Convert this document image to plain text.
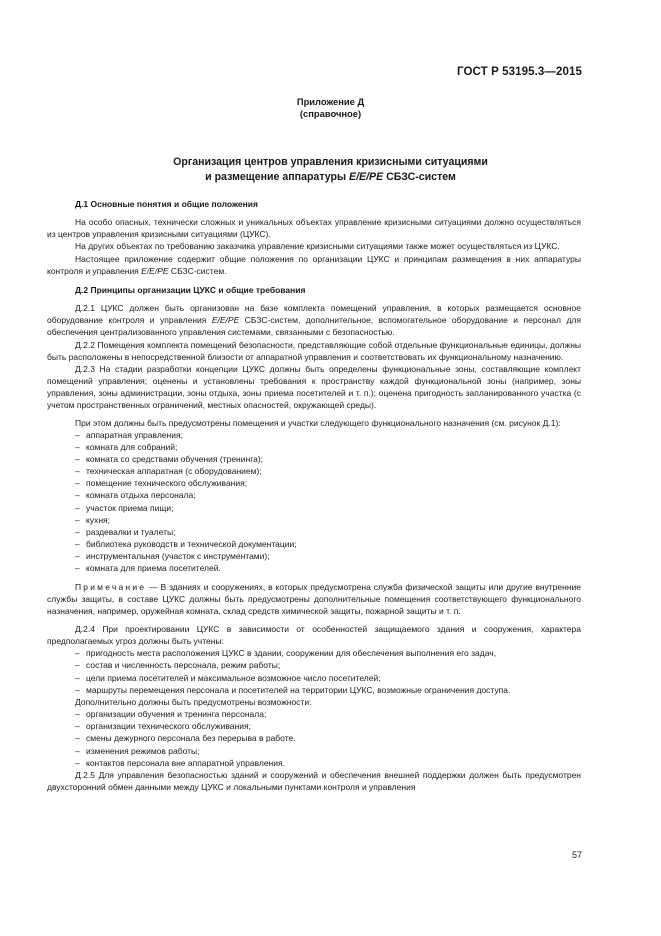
ГОСТ Р 53195.3—2015
Приложение Д
(справочное)
Организация центров управления кризисными ситуациями
и размещение аппаратуры E/E/PE СБЗС-систем

Д.1 Основные понятия и общие положения

На особо опасных, технически сложных и уникальных объектах управление кризисными ситуациями должно осуществляться из центров управления кризисными ситуациями (ЦУКС).

На других объектах по требованию заказчика управление кризисными ситуациями также может осуществляться из ЦУКС.

Настоящее приложение содержит общие положения по организации ЦУКС и принципам размещения в них аппаратуры контроля и управления E/E/PE СБЗС-систем.

Д.2 Принципы организации ЦУКС и общие требования

Д.2.1 ЦУКС должен быть организован на базе комплекта помещений управления, в которых размещается основное оборудование контроля и управления E/E/PE СБЗС-систем, дополнительное, вспомогательное оборудование и персонал для обеспечения централизованного управления системами, связанными с безопасностью.

Д.2.2 Помещения комплекта помещений безопасности, представляющие собой отдельные функциональные единицы, должны быть расположены в непосредственной близости от аппаратной управления и соответствовать их функциональному назначению.

Д.2.3 На стадии разработки концепции ЦУКС должны быть определены функциональные зоны, составляющие комплект помещений управления; оценены и установлены требования к пространству каждой функциональной зоны (например, зоны управления, зоны администрации, зоны отдыха, зоны приема посетителей и т. п.); оценена пригодность запланированного участка (с учетом пространственных ограничений, местных опасностей, окружающей среды).

При этом должны быть предусмотрены помещения и участки следующего функционального назначения (см. рисунок Д.1):

– аппаратная управления;
– комната для собраний;
– комната со средствами обучения (тренинга);
– техническая аппаратная (с оборудованием);
– помещение технического обслуживания;
– комната отдыха персонала;
– участок приема пищи;
– кухня;
– раздевалки и туалеты;
– библиотека руководств и технической документации;
– инструментальная (участок с инструментами);
– комната для приема посетителей.

Примечание — В зданиях и сооружениях, в которых предусмотрена служба физической защиты или другие внутренние службы защиты, в составе ЦУКС должны быть предусмотрены дополнительные помещения соответствующего функционального назначения, например, оружейная комната, склад средств химической защиты, пожарной защиты и т. п.

Д.2.4 При проектировании ЦУКС в зависимости от особенностей защищаемого здания и сооружения, характера предполагаемых угроз должны быть учтены:

– пригодность места расположения ЦУКС в здании, сооружении для обеспечения выполнения его задач,
– состав и численность персонала, режим работы;
– цели приема посетителей и максимальное возможное число посетителей;
– маршруты перемещения персонала и посетителей на территории ЦУКС, возможные ограничения доступа.

Дополнительно должны быть предусмотрены возможности:

– организации обучения и тренинга персонала;
– организации технического обслуживания;
– смены дежурного персонала без перерыва в работе.
– изменения режимов работы;
– контактов персонала вне аппаратной управления.

Д.2.5 Для управления безопасностью зданий и сооружений и обеспечения внешней поддержки должен быть предусмотрен двухсторонний обмен данными между ЦУКС и локальными пунктами контроля и управления

57
